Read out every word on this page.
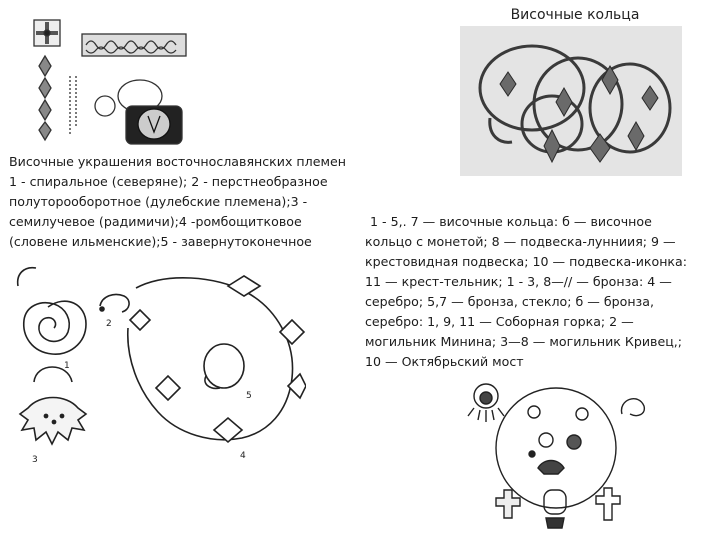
Височные кольца
Височные украшения восточнославянских племен
1 - спиральное (северяне); 2 - перстнеобразное
полуторооборотное (дулебские племена);3 -
семилучевое (радимичи);4 -ромбощитковое
(словене ильменские);5 - завернутоконечное
1 - 5,. 7 — височные кольца: б — височное
кольцо с монетой; 8 — подвеска-лунниия; 9 —
крестовидная подвеска; 10 — подвеска-иконка:
11 — крест-тельник; 1 - 3, 8—// — бронза: 4 —
серебро; 5,7 — бронза, стекло; б — бронза,
серебро: 1, 9, 11 — Соборная горка; 2 —
могильник Минина; 3—8 — могильник Кривец,;
10 — Октябрьский мост
1
2
3	4
5
